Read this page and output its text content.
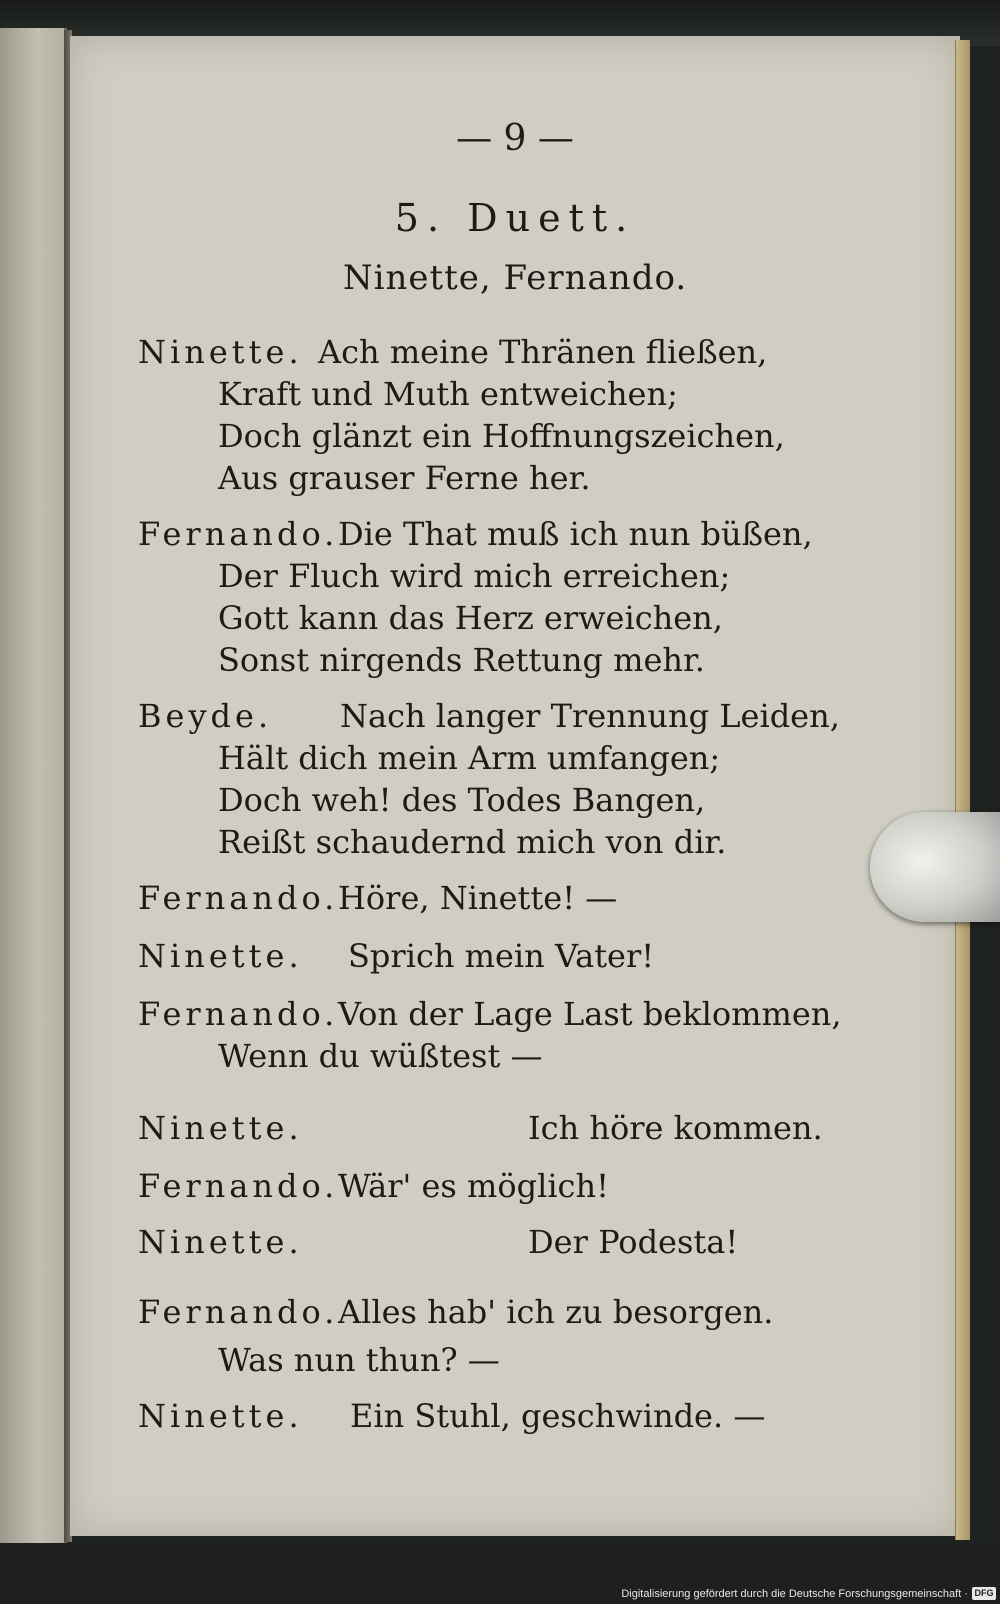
— 9 —
5. Duett.
Ninette, Fernando.
Ninette. Ach meine Thränen fließen,
Kraft und Muth entweichen;
Doch glänzt ein Hoffnungszeichen,
Aus grauser Ferne her.
Fernando. Die That muß ich nun büßen,
Der Fluch wird mich erreichen;
Gott kann das Herz erweichen,
Sonst nirgends Rettung mehr.
Beyde. Nach langer Trennung Leiden,
Hält dich mein Arm umfangen;
Doch weh! des Todes Bangen,
Reißt schaudernd mich von dir.
Fernando. Höre, Ninette! —
Ninette. Sprich mein Vater!
Fernando. Von der Lage Last beklommen,
Wenn du wüßtest —
Ninette.	Ich höre kommen.
Fernando. Wär' es möglich!
Ninette.	Der Podesta!
Fernando. Alles hab' ich zu besorgen.
Was nun thun? —
Ninette. Ein Stuhl, geschwinde. —
Digitalisierung gefördert durch die Deutsche Forschungsgemeinschaft · DFG
